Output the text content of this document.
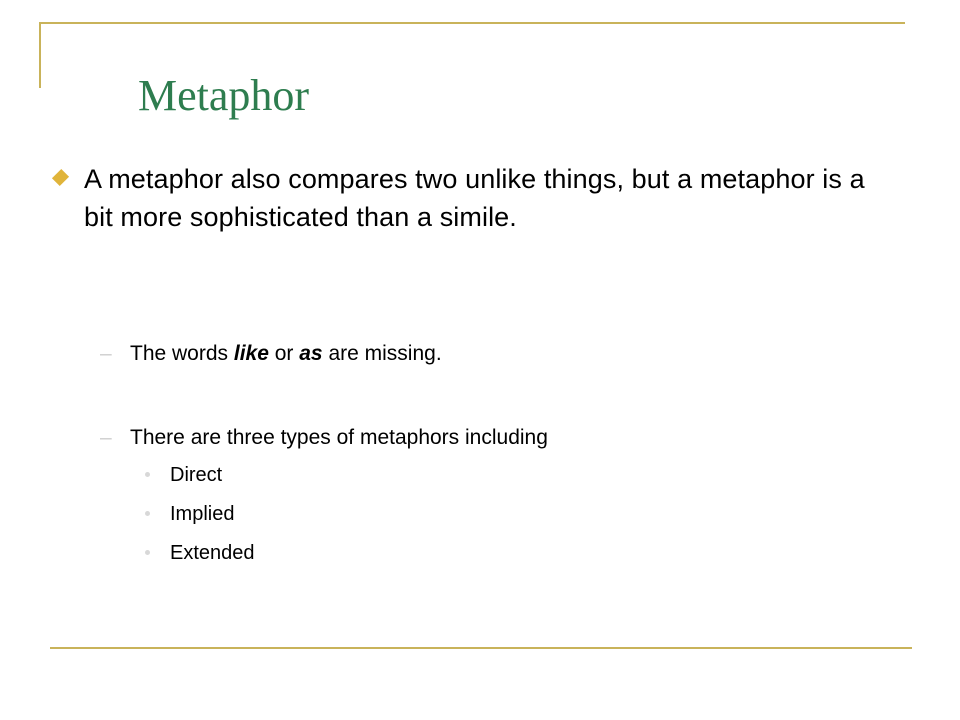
Metaphor

A metaphor also compares two unlike things, but a metaphor is a bit more sophisticated than a simile.

– The words like or as are missing.
– There are three types of metaphors including
Direct
Implied
Extended
